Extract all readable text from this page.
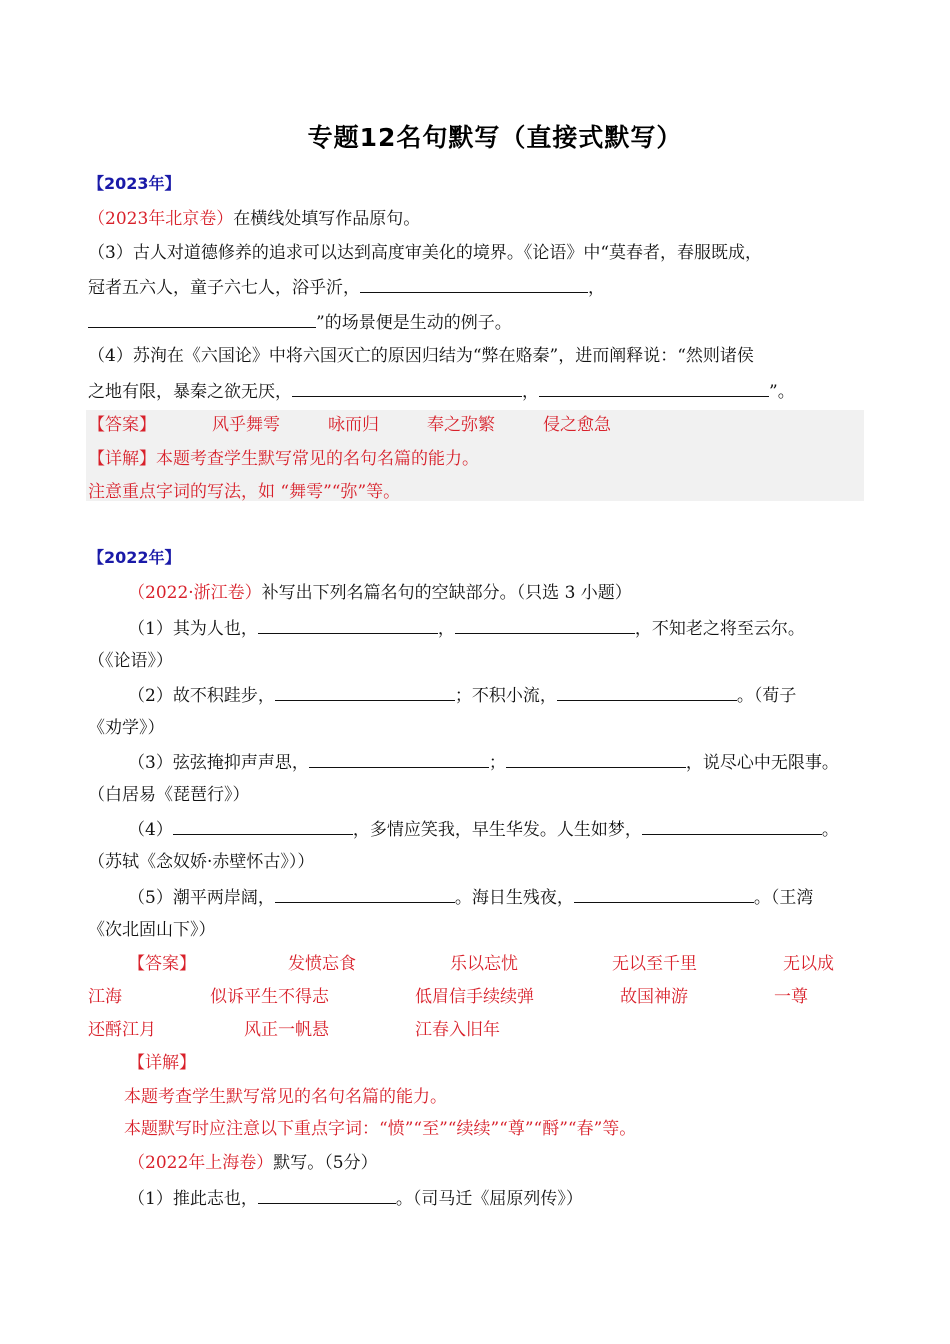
专题12名句默写（直接式默写）
【2023年】
（2023年北京卷）在横线处填写作品原句。
（3）古人对道德修养的追求可以达到高度审美化的境界。《论语》中“莫春者，春服既成，
冠者五六人，童子六七人，浴乎沂，	，
”的场景便是生动的例子。
（4）苏洵在《六国论》中将六国灭亡的原因归结为“弊在赂秦”，进而阐释说：“然则诸侯
之地有限，暴秦之欲无厌，	，	”。
【答案】	风乎舞雩	咏而归	奉之弥繁	侵之愈急
【详解】本题考查学生默写常见的名句名篇的能力。
注意重点字词的写法，如 “舞雩”“弥”等。
【2022年】
（2022·浙江卷）补写出下列名篇名句的空缺部分。（只选 3 小题）
（1）其为人也，	，	，不知老之将至云尔。
（《论语》）
（2）故不积跬步，	；不积小流，	。（荀子
《劝学》）
（3）弦弦掩抑声声思，	；	，说尽心中无限事。
（白居易《琵琶行》）
（4）	，多情应笑我，早生华发。人生如梦，	。
（苏轼《念奴娇·赤壁怀古》））
（5）潮平两岸阔，	。海日生残夜，	。（王湾
《次北固山下》）
【答案】	发愤忘食	乐以忘忧	无以至千里	无以成
江海	似诉平生不得志	低眉信手续续弹	故国神游	一尊
还酹江月	风正一帆悬	江春入旧年
【详解】
本题考查学生默写常见的名句名篇的能力。
本题默写时应注意以下重点字词：“愤”“至”“续续”“尊”“酹”“春”等。
（2022年上海卷）默写。（5分）
（1）推此志也，	。（司马迁《屈原列传》）
